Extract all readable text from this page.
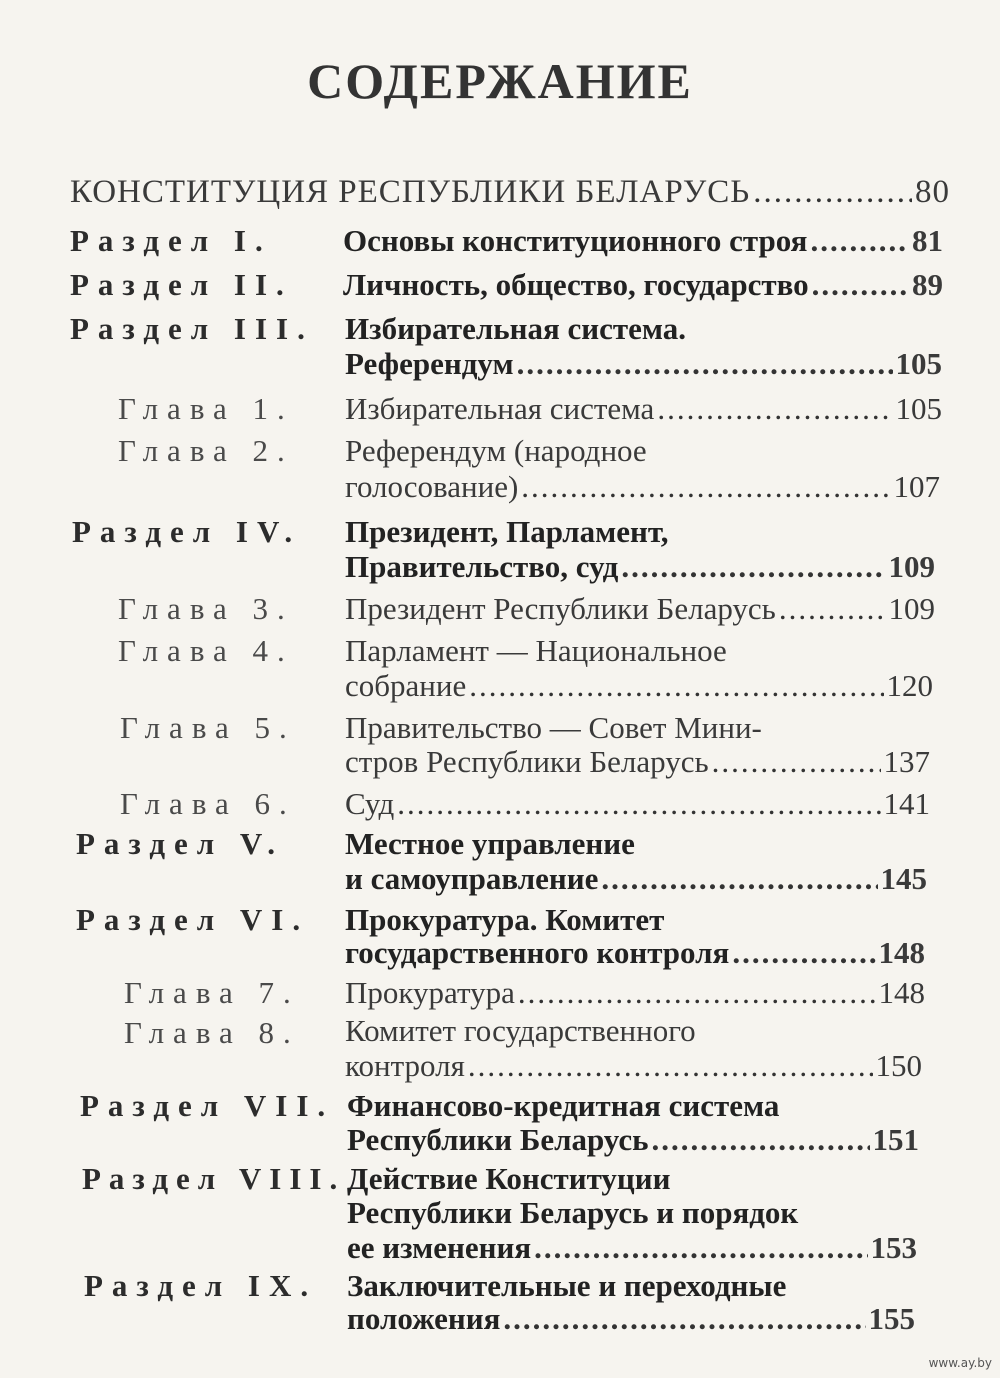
СОДЕРЖАНИЕ
КОНСТИТУЦИЯ РЕСПУБЛИКИ БЕЛАРУСЬ .....	80
Раздел I. Основы конституционного строя .....	81
Раздел II. Личность, общество, государство .....	89
Раздел III. Избирательная система.
Референдум .....	105
Глава 1. Избирательная система .....	105
Глава 2. Референдум (народное
голосование) .....	107
Раздел IV. Президент, Парламент,
Правительство, суд .....	109
Глава 3. Президент Республики Беларусь .....	109
Глава 4. Парламент — Национальное
собрание .....	120
Глава 5. Правительство — Совет Мини-
стров Республики Беларусь .....	137
Глава 6. Суд .....	141
Раздел V. Местное управление
и самоуправление .....	145
Раздел VI. Прокуратура. Комитет
государственного контроля .....	148
Глава 7. Прокуратура .....	148
Глава 8. Комитет государственного
контроля .....	150
Раздел VII. Финансово-кредитная система
Республики Беларусь .....	151
Раздел VIII. Действие Конституции
Республики Беларусь и порядок
ее изменения .....	153
Раздел IX. Заключительные и переходные
положения .....	155
www.ay.by
